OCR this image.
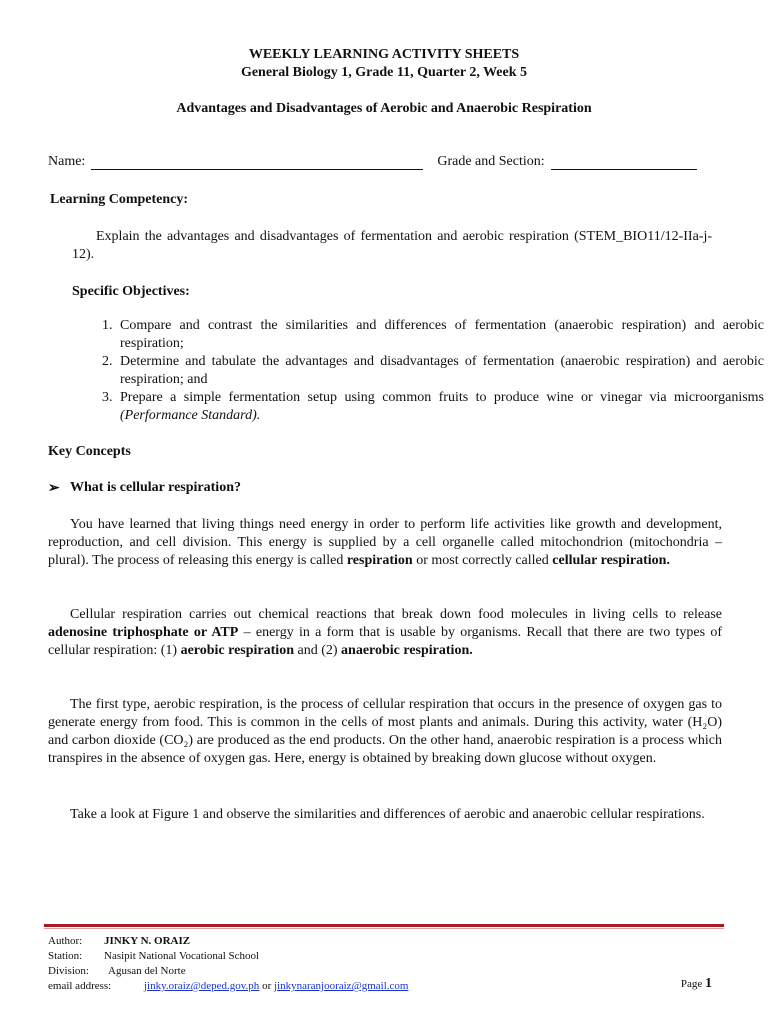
WEEKLY LEARNING ACTIVITY SHEETS
General Biology 1, Grade 11, Quarter 2, Week 5
Advantages and Disadvantages of Aerobic and Anaerobic Respiration
Name:	Grade and Section:
Learning Competency:
Explain the advantages and disadvantages of fermentation and aerobic respiration (STEM_BIO11/12-IIa-j-12).
Specific Objectives:
1. Compare and contrast the similarities and differences of fermentation (anaerobic respiration) and aerobic respiration;
2. Determine and tabulate the advantages and disadvantages of fermentation (anaerobic respiration) and aerobic respiration; and
3. Prepare a simple fermentation setup using common fruits to produce wine or vinegar via microorganisms (Performance Standard).
Key Concepts
➢ What is cellular respiration?
You have learned that living things need energy in order to perform life activities like growth and development, reproduction, and cell division. This energy is supplied by a cell organelle called mitochondrion (mitochondria – plural). The process of releasing this energy is called respiration or most correctly called cellular respiration.
Cellular respiration carries out chemical reactions that break down food molecules in living cells to release adenosine triphosphate or ATP – energy in a form that is usable by organisms. Recall that there are two types of cellular respiration: (1) aerobic respiration and (2) anaerobic respiration.
The first type, aerobic respiration, is the process of cellular respiration that occurs in the presence of oxygen gas to generate energy from food. This is common in the cells of most plants and animals. During this activity, water (H₂O) and carbon dioxide (CO₂) are produced as the end products. On the other hand, anaerobic respiration is a process which transpires in the absence of oxygen gas. Here, energy is obtained by breaking down glucose without oxygen.
Take a look at Figure 1 and observe the similarities and differences of aerobic and anaerobic cellular respirations.
Author:	JINKY N. ORAIZ
Station:	Nasipit National Vocational School
Division:	Agusan del Norte
email address:	jinky.oraiz@deped.gov.ph or jinkynaranjooraiz@gmail.com	Page 1
